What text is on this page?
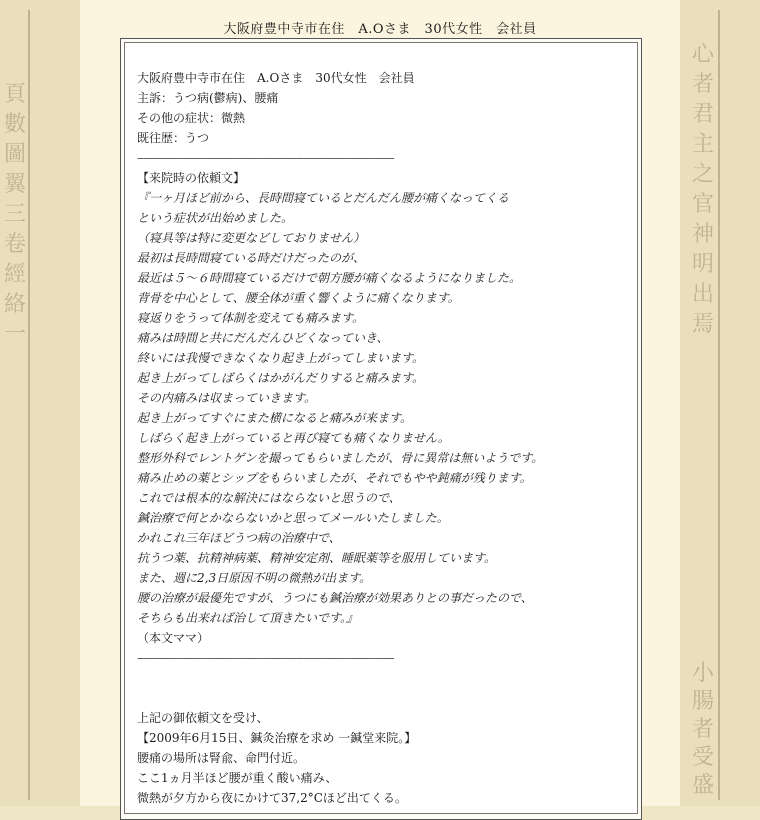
頁數圖翼三卷經絡一
心者君主之官神明出焉
小腸者受盛
大阪府豊中寺市在住　A.Oさま　30代女性　会社員

大阪府豊中寺市在住　A.Oさま　30代女性　会社員

主訴：うつ病(鬱病)、腰痛

その他の症状：微熱

既往歴：うつ

------------------------------------------------------------------------------------

【来院時の依頼文】

『一ヶ月ほど前から、長時間寝ているとだんだん腰が痛くなってくる

という症状が出始めました。

（寝具等は特に変更などしておりません）

最初は長時間寝ている時だけだったのが、

最近は５～６時間寝ているだけで朝方腰が痛くなるようになりました。

背骨を中心として、腰全体が重く響くように痛くなります。

寝返りをうって体制を変えても痛みます。

痛みは時間と共にだんだんひどくなっていき、

終いには我慢できなくなり起き上がってしまいます。

起き上がってしばらくはかがんだりすると痛みます。

その内痛みは収まっていきます。

起き上がってすぐにまた横になると痛みが来ます。

しばらく起き上がっていると再び寝ても痛くなりません。

整形外科でレントゲンを撮ってもらいましたが、骨に異常は無いようです。

痛み止めの薬とシップをもらいましたが、それでもやや鈍痛が残ります。

これでは根本的な解決にはならないと思うので、

鍼治療で何とかならないかと思ってメールいたしました。

かれこれ三年ほどうつ病の治療中で、

抗うつ薬、抗精神病薬、精神安定剤、睡眠薬等を服用しています。

また、週に2,3日原因不明の微熱が出ます。

腰の治療が最優先ですが、うつにも鍼治療が効果ありとの事だったので、

そちらも出来れば治して頂きたいです。』

（本文ママ）

------------------------------------------------------------------------------------

上記の御依頼文を受け、

【2009年6月15日、鍼灸治療を求め 一鍼堂来院。】

腰痛の場所は腎兪、命門付近。

ここ1ヵ月半ほど腰が重く酸い痛み、

微熱が夕方から夜にかけて37,2°Cほど出てくる。
